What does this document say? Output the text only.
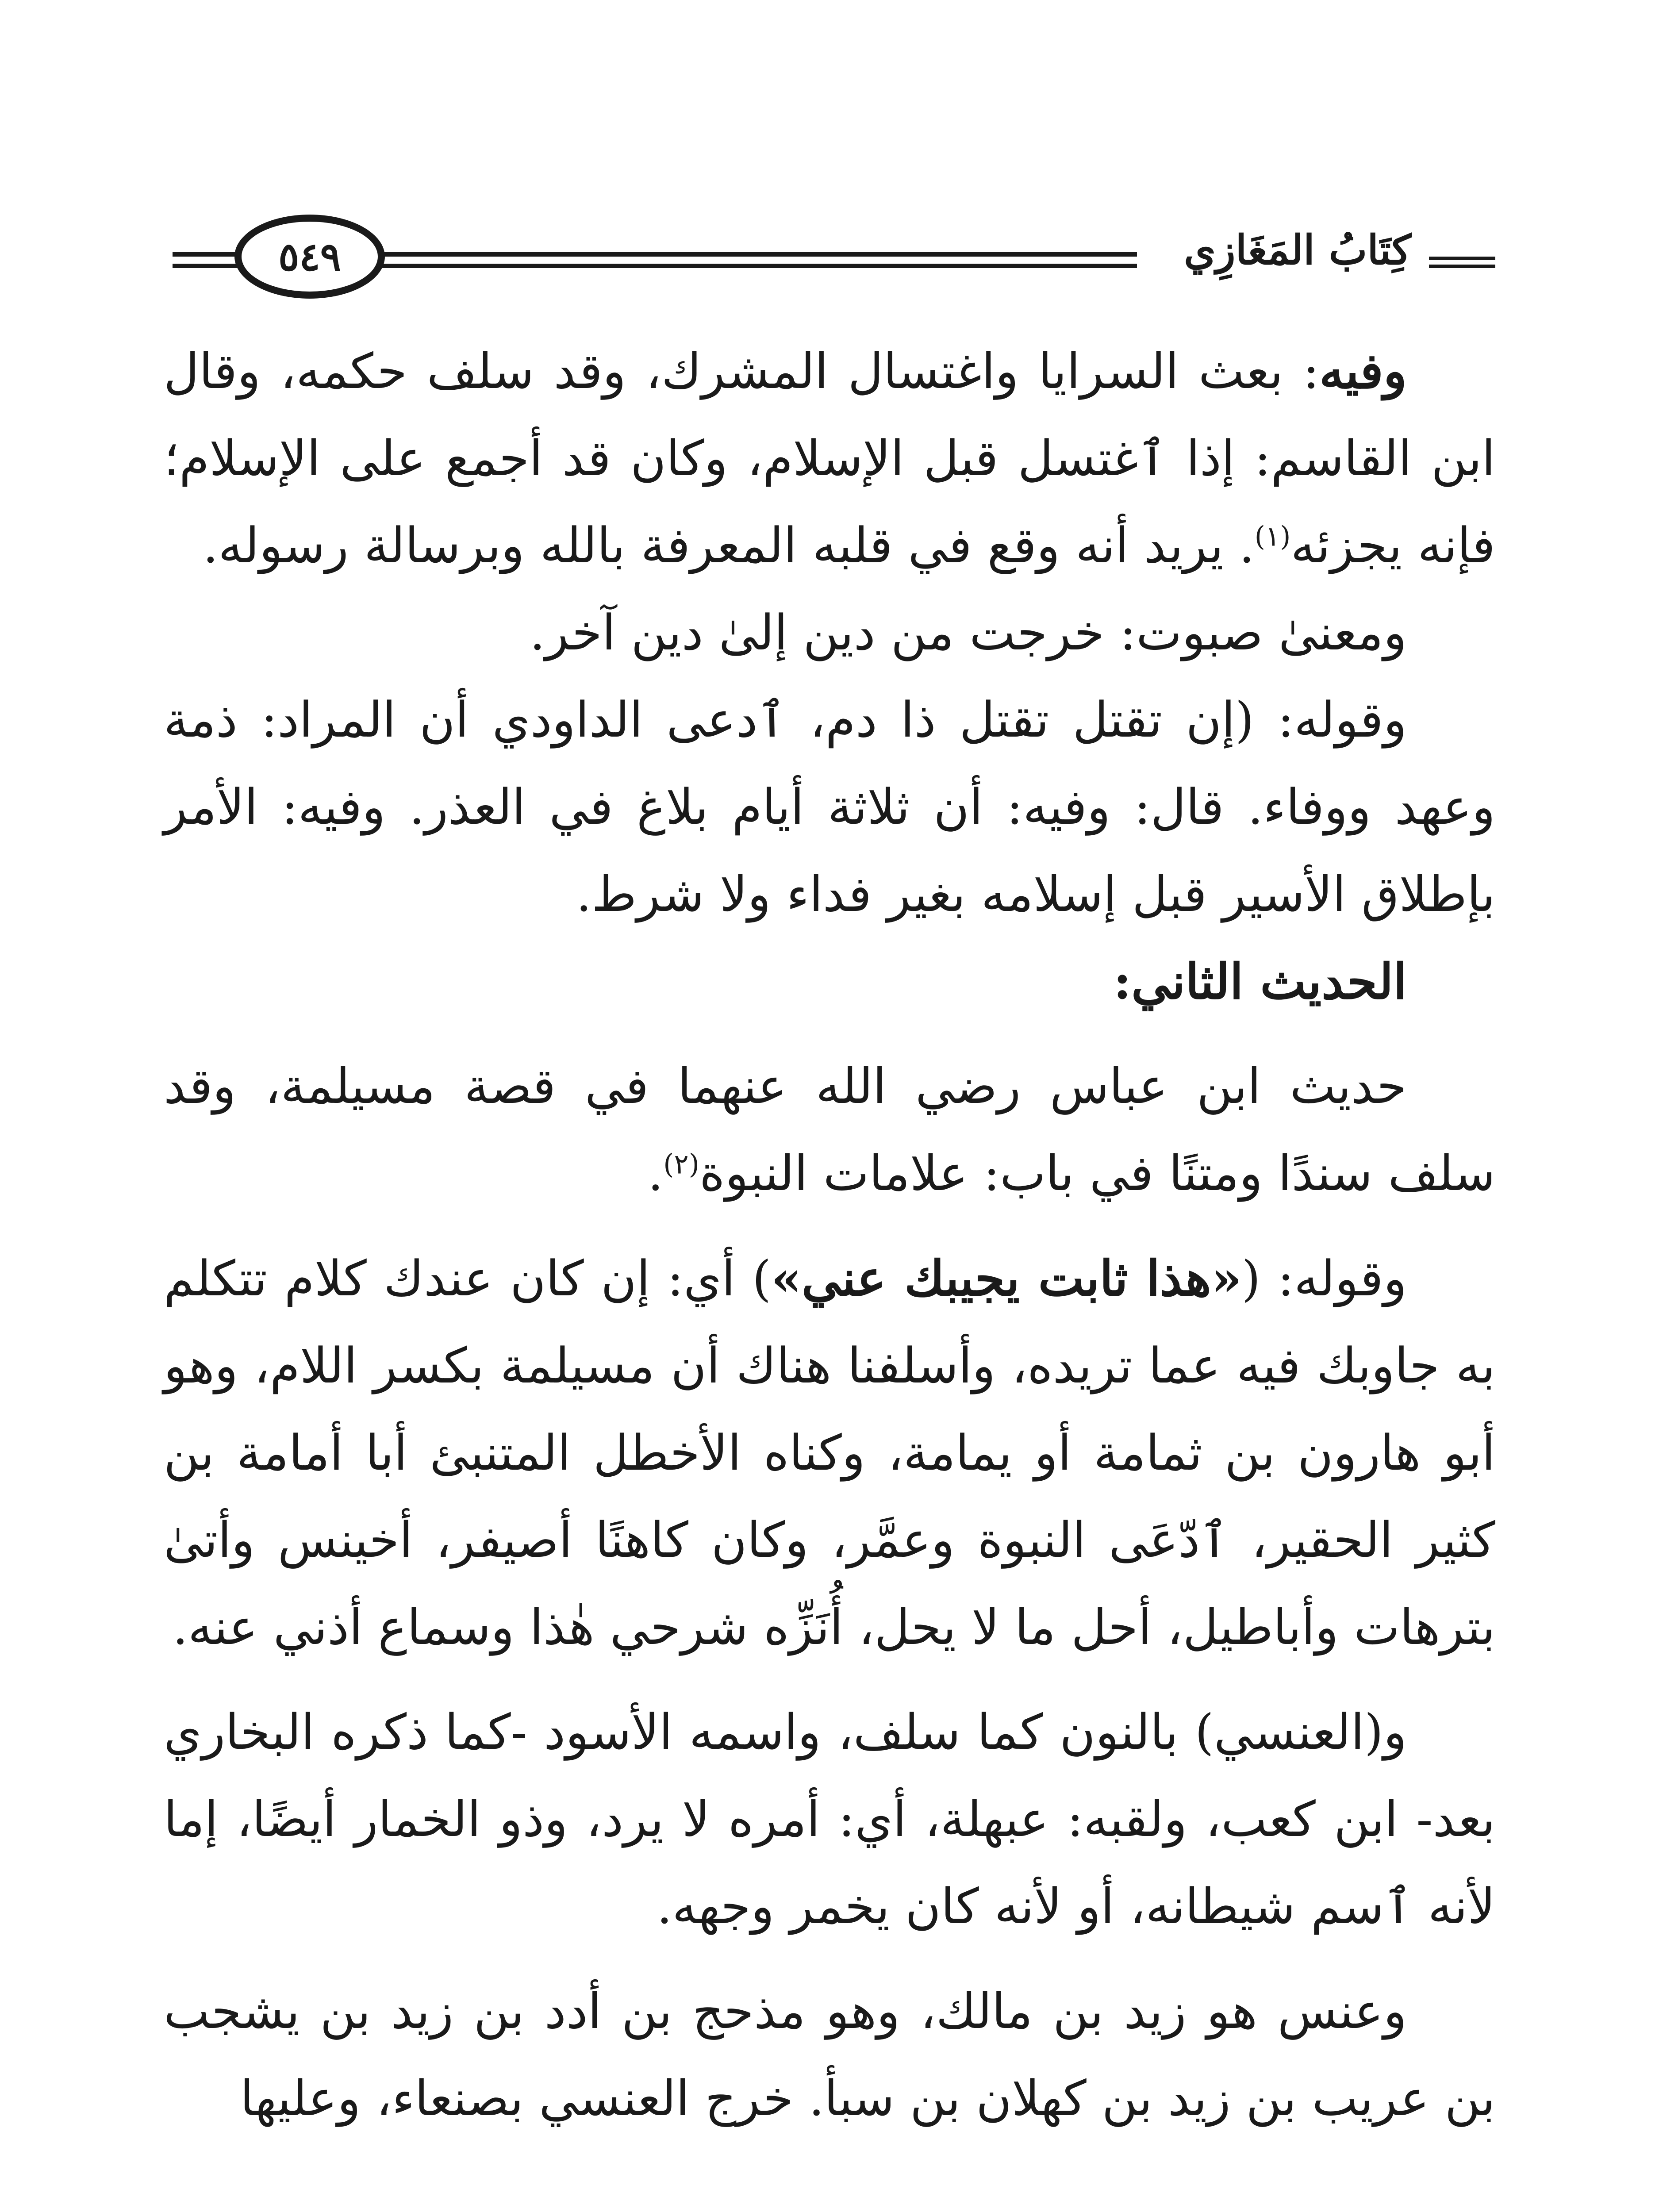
كِتَابُ المَغَازِي
٥٤٩

وفيه: بعث السرايا واغتسال المشرك، وقد سلف حكمه، وقال ابن القاسم: إذا ٱغتسل قبل الإسلام، وكان قد أجمع على الإسلام؛ فإنه يجزئه$^{(١)}$. يريد أنه وقع في قلبه المعرفة بالله وبرسالة رسوله.

ومعنىٰ صبوت: خرجت من دين إلىٰ دين آخر.

وقوله: (إن تقتل تقتل ذا دم، ٱدعى الداودي أن المراد: ذمة وعهد ووفاء. قال: وفيه: أن ثلاثة أيام بلاغ في العذر. وفيه: الأمر بإطلاق الأسير قبل إسلامه بغير فداء ولا شرط.

الحديث الثاني:

حديث ابن عباس رضي الله عنهما في قصة مسيلمة، وقد سلف سندًا ومتنًا في باب: علامات النبوة$^{(٢)}$.

وقوله: («هذا ثابت يجيبك عني») أي: إن كان عندك كلام تتكلم به جاوبك فيه عما تريده، وأسلفنا هناك أن مسيلمة بكسر اللام، وهو أبو هارون بن ثمامة أو يمامة، وكناه الأخطل المتنبئ أبا أمامة بن كثير الحقير، ٱدّعَى النبوة وعمَّر، وكان كاهنًا أصيفر، أخينس وأتىٰ بترهات وأباطيل، أحل ما لا يحل، أُنَزِّه شرحي هٰذا وسماع أذني عنه.

و(العنسي) بالنون كما سلف، واسمه الأسود -كما ذكره البخاري بعد- ابن كعب، ولقبه: عبهلة، أي: أمره لا يرد، وذو الخمار أيضًا، إما لأنه ٱسم شيطانه، أو لأنه كان يخمر وجهه.

وعنس هو زيد بن مالك، وهو مذحج بن أدد بن زيد بن يشجب بن عريب بن زيد بن كهلان بن سبأ. خرج العنسي بصنعاء، وعليها
